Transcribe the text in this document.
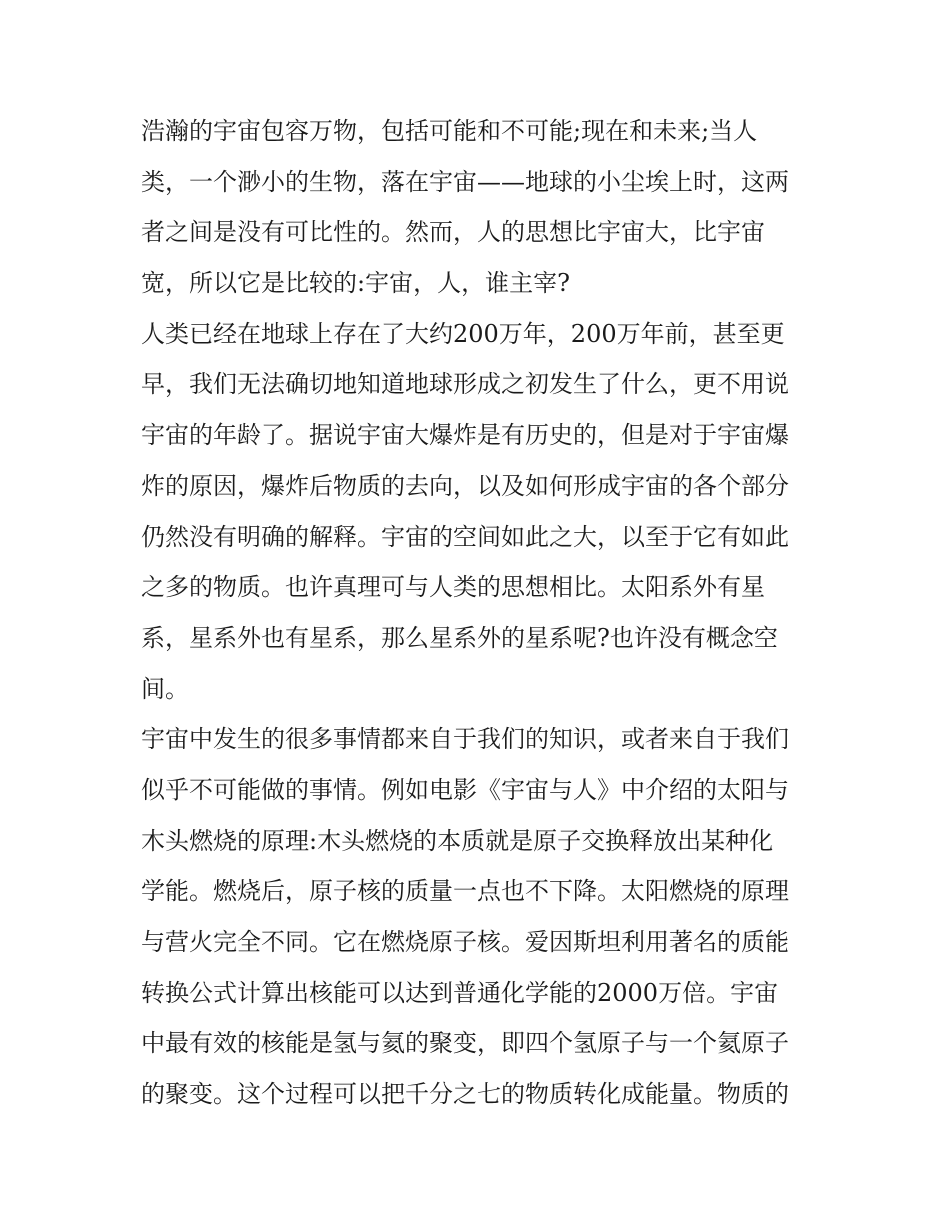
浩瀚的宇宙包容万物，包括可能和不可能;现在和未来;当人
类，一个渺小的生物，落在宇宙——地球的小尘埃上时，这两
者之间是没有可比性的。然而，人的思想比宇宙大，比宇宙
宽，所以它是比较的:宇宙，人，谁主宰?
人类已经在地球上存在了大约200万年，200万年前，甚至更
早，我们无法确切地知道地球形成之初发生了什么，更不用说
宇宙的年龄了。据说宇宙大爆炸是有历史的，但是对于宇宙爆
炸的原因，爆炸后物质的去向，以及如何形成宇宙的各个部分
仍然没有明确的解释。宇宙的空间如此之大，以至于它有如此
之多的物质。也许真理可与人类的思想相比。太阳系外有星
系，星系外也有星系，那么星系外的星系呢?也许没有概念空
间。
宇宙中发生的很多事情都来自于我们的知识，或者来自于我们
似乎不可能做的事情。例如电影《宇宙与人》中介绍的太阳与
木头燃烧的原理:木头燃烧的本质就是原子交换释放出某种化
学能。燃烧后，原子核的质量一点也不下降。太阳燃烧的原理
与营火完全不同。它在燃烧原子核。爱因斯坦利用著名的质能
转换公式计算出核能可以达到普通化学能的2000万倍。宇宙
中最有效的核能是氢与氦的聚变，即四个氢原子与一个氦原子
的聚变。这个过程可以把千分之七的物质转化成能量。物质的
